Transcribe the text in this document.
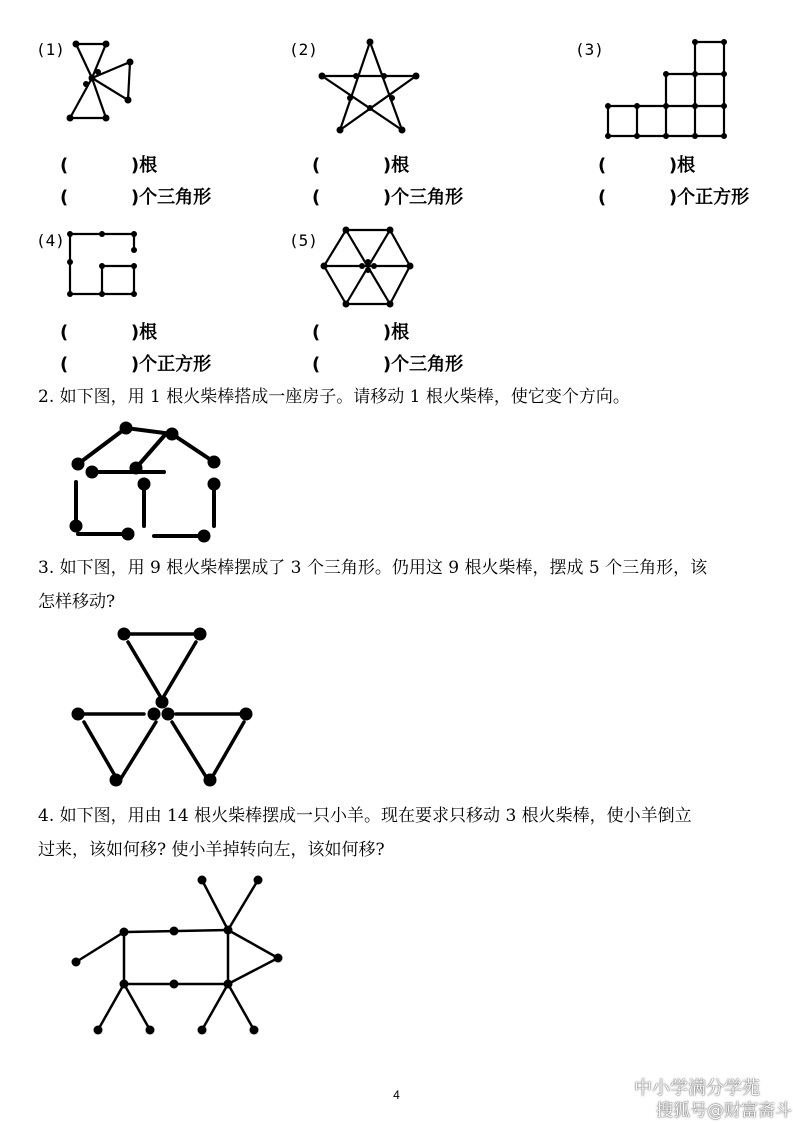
(1)
(          )根
(          )个三角形
(2)
(          )根
(          )个三角形
(3)
(          )根
(          )个正方形
(4)
(          )根
(          )个正方形
(5)
(          )根
(          )个三角形
2. 如下图，用 1 根火柴棒搭成一座房子。请移动 1 根火柴棒，使它变个方向。
3. 如下图，用 9 根火柴棒摆成了 3 个三角形。仍用这 9 根火柴棒，摆成 5 个三角形，该
怎样移动?
4. 如下图，用由 14 根火柴棒摆成一只小羊。现在要求只移动 3 根火柴棒，使小羊倒立
过来，该如何移? 使小羊掉转向左，该如何移?
4	中小学满分学苑
搜狐号@财富斋斗
